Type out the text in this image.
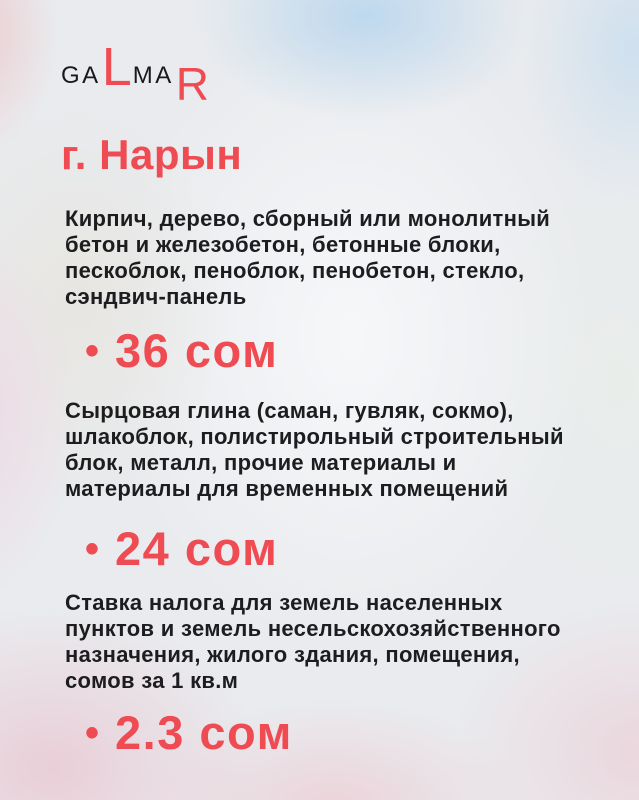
GALMAR
г. Нарын
Кирпич, дерево, сборный или монолитный
бетон и железобетон, бетонные блоки,
пескоблок, пеноблок, пенобетон, стекло,
сэндвич-панель
• 36 сом
Сырцовая глина (саман, гувляк, сокмо),
шлакоблок, полистирольный строительный
блок, металл, прочие материалы и
материалы для временных помещений
• 24 сом
Ставка налога для земель населенных
пунктов и земель несельскохозяйственного
назначения, жилого здания, помещения,
сомов за 1 кв.м
• 2.3 сом
